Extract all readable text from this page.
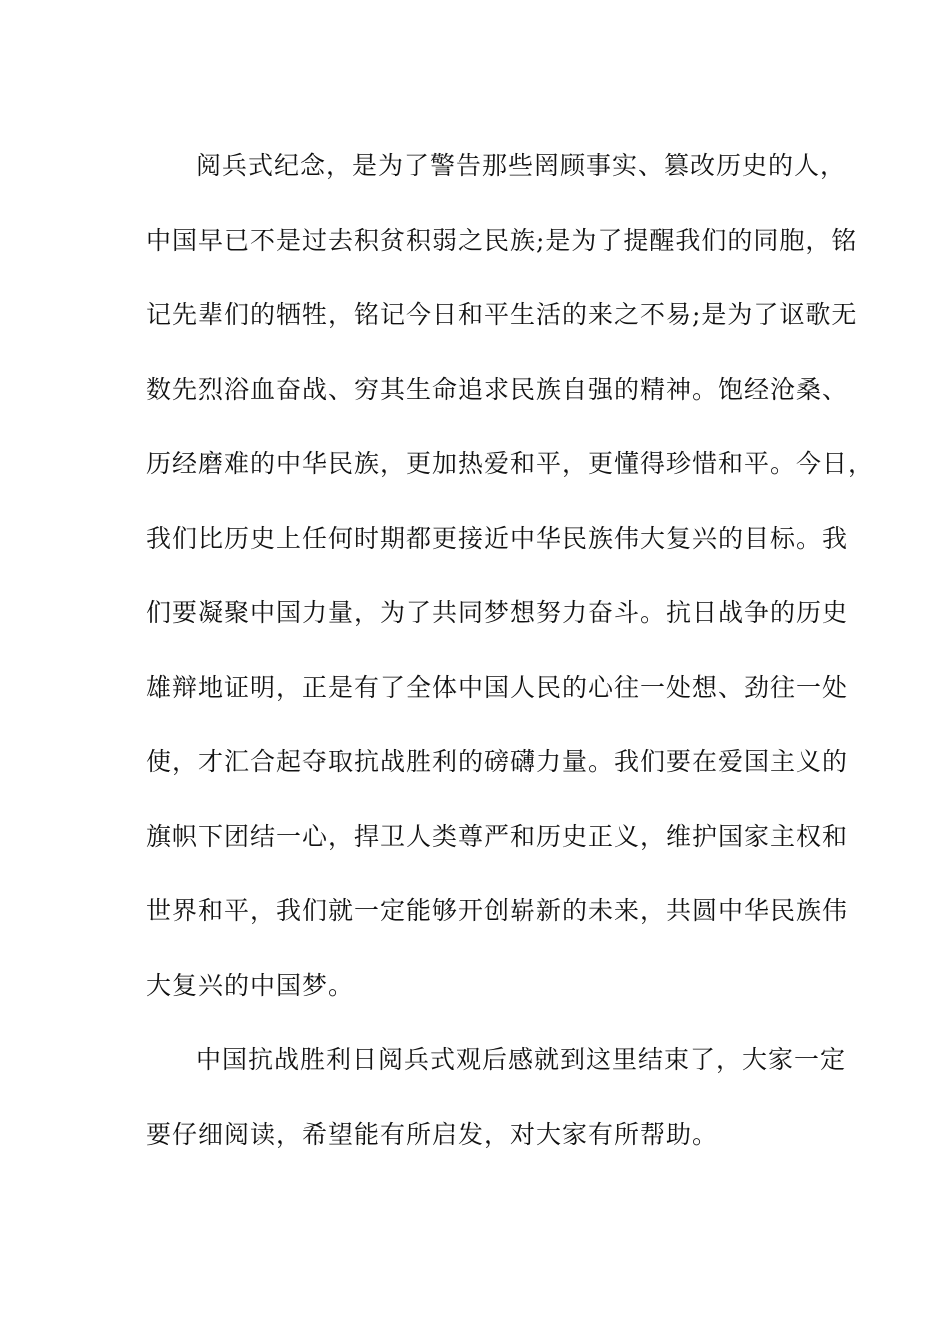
阅兵式纪念，是为了警告那些罔顾事实、篡改历史的人，
中国早已不是过去积贫积弱之民族;是为了提醒我们的同胞，铭
记先辈们的牺牲，铭记今日和平生活的来之不易;是为了讴歌无
数先烈浴血奋战、穷其生命追求民族自强的精神。饱经沧桑、
历经磨难的中华民族，更加热爱和平，更懂得珍惜和平。今日，
我们比历史上任何时期都更接近中华民族伟大复兴的目标。我
们要凝聚中国力量，为了共同梦想努力奋斗。抗日战争的历史
雄辩地证明，正是有了全体中国人民的心往一处想、劲往一处
使，才汇合起夺取抗战胜利的磅礴力量。我们要在爱国主义的
旗帜下团结一心，捍卫人类尊严和历史正义，维护国家主权和
世界和平，我们就一定能够开创崭新的未来，共圆中华民族伟
大复兴的中国梦。
中国抗战胜利日阅兵式观后感就到这里结束了，大家一定
要仔细阅读，希望能有所启发，对大家有所帮助。
